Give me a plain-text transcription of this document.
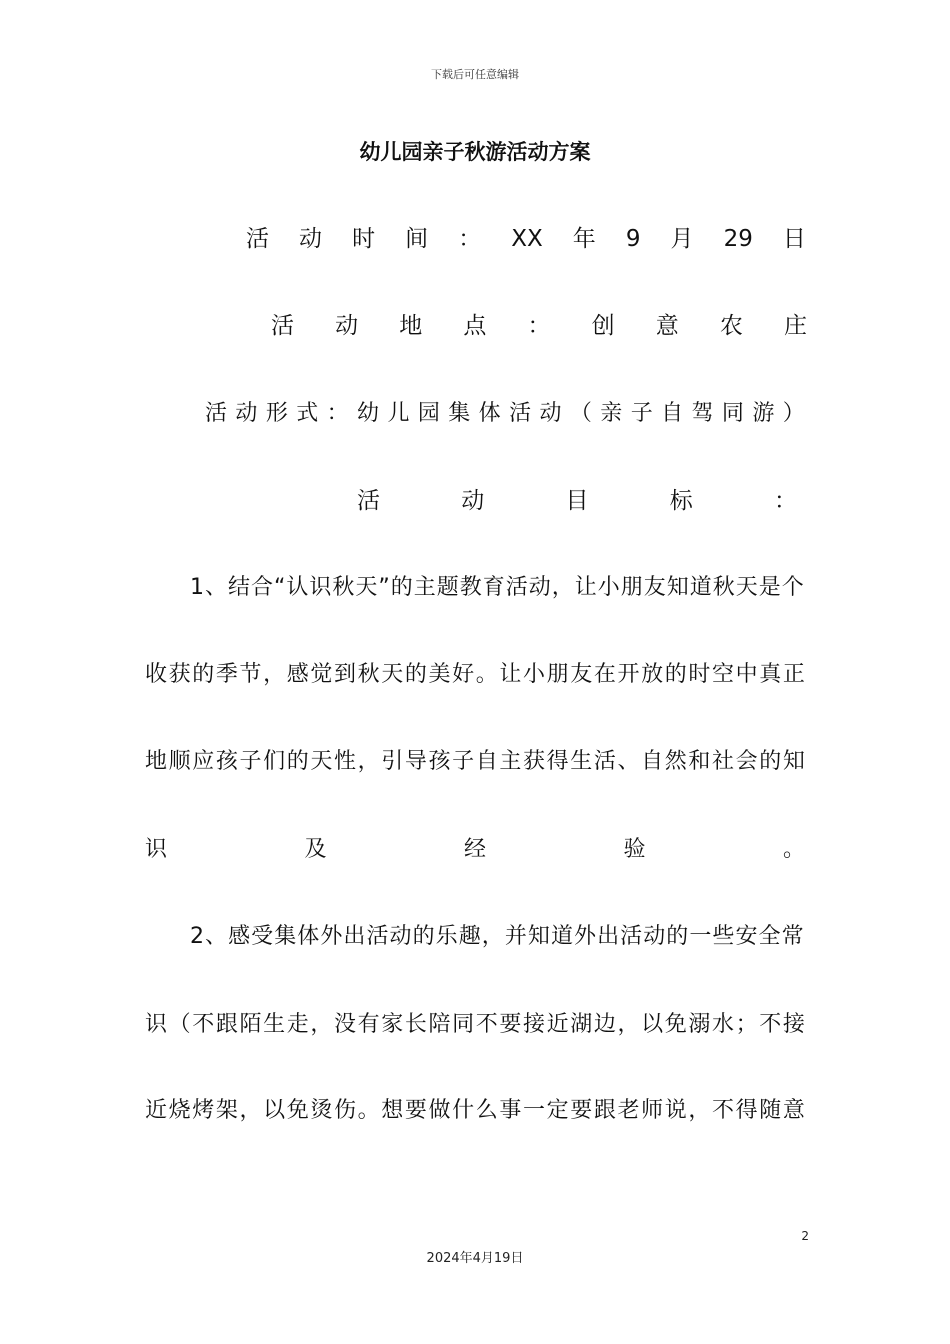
下载后可任意编辑
幼儿园亲子秋游活动方案
活 动 时 间 ： XX 年 9 月 29 日
活 动 地 点 ： 创 意 农 庄
活 动 形 式 ： 幼 儿 园 集 体 活 动 （ 亲 子 自 驾 同 游 ）
活	动	目	标	：
1 、 结 合 “ 认 识 秋 天 ” 的 主 题 教 育 活 动 ， 让 小 朋 友 知 道 秋 天 是 个
收 获 的 季 节 ， 感 觉 到 秋 天 的 美 好 。 让 小 朋 友 在 开 放 的 时 空 中 真 正
地 顺 应 孩 子 们 的 天 性 ， 引 导 孩 子 自 主 获 得 生 活 、 自 然 和 社 会 的 知
识	及	经	验	。
2 、 感 受 集 体 外 出 活 动 的 乐 趣 ， 并 知 道 外 出 活 动 的 一 些 安 全 常
识 （ 不 跟 陌 生 走 ， 没 有 家 长 陪 同 不 要 接 近 湖 边 ， 以 免 溺 水 ； 不 接
近 烧 烤 架 ， 以 免 烫 伤 。 想 要 做 什 么 事 一 定 要 跟 老 师 说 ， 不 得 随 意
2
2024年4月19日
